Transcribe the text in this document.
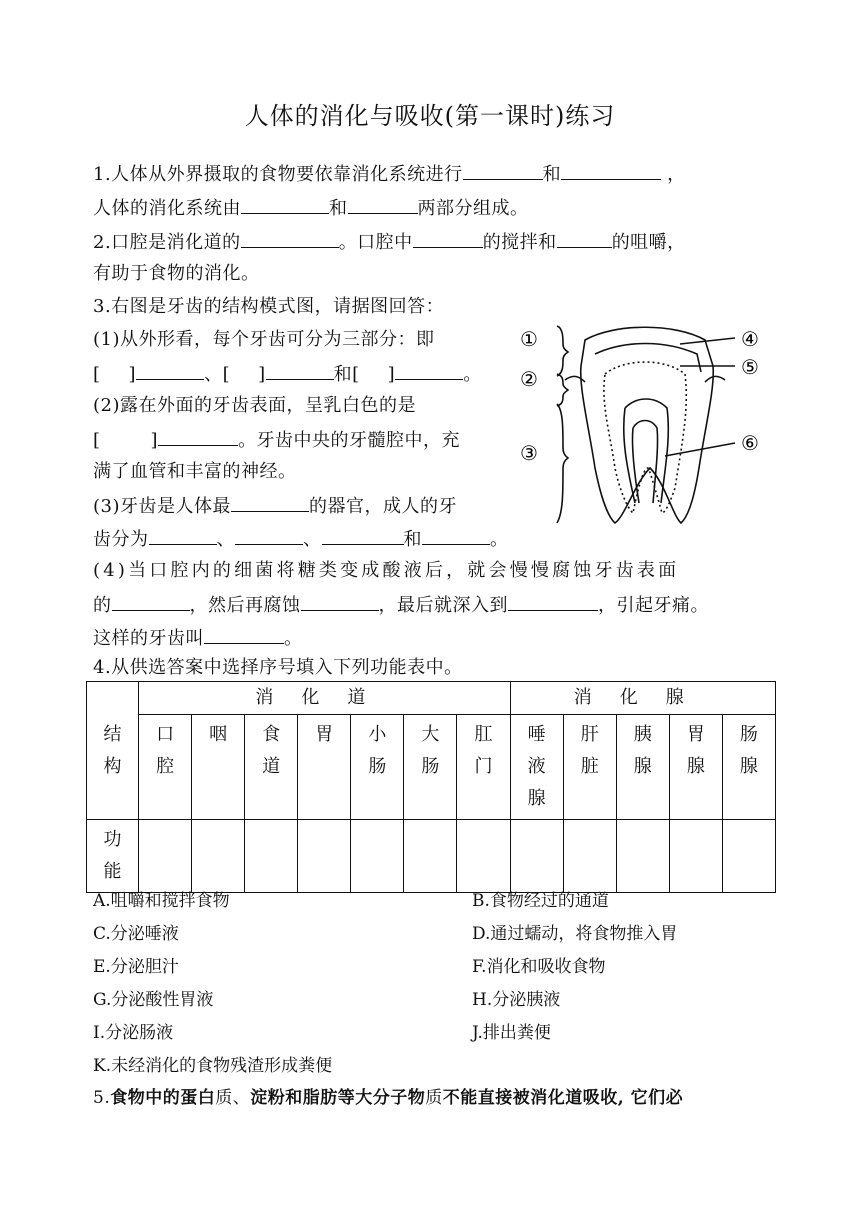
人体的消化与吸收(第一课时)练习
1.人体从外界摄取的食物要依靠消化系统进行	和	，
人体的消化系统由	和	两部分组成。
2.口腔是消化道的	。口腔中	的搅拌和	的咀嚼，
有助于食物的消化。
3.右图是牙齿的结构模式图，请据图回答：
(1)从外形看，每个牙齿可分为三部分：即
[ ]	、[ ]	和[ ]	。
(2)露在外面的牙齿表面，呈乳白色的是
[	]	。牙齿中央的牙髓腔中，充
满了血管和丰富的神经。
(3)牙齿是人体最	的器官，成人的牙
齿分为	、	、	和	。
(4)当口腔内的细菌将糖类变成酸液后，就会慢慢腐蚀牙齿表面
的	，然后再腐蚀	，最后就深入到	，引起牙痛。
这样的牙齿叫	。
①
②
③
④
⑤
⑥
4.从供选答案中选择序号填入下列功能表中。
结构	消化道							消化腺				
	口腔	咽	食道	胃	小肠	大肠	肛门	唾液腺	肝脏	胰腺	胃腺	肠腺
功能												
A.咀嚼和搅拌食物	B.食物经过的通道
C.分泌唾液	D.通过蠕动，将食物推入胃
E.分泌胆汁	F.消化和吸收食物
G.分泌酸性胃液	H.分泌胰液
I.分泌肠液	J.排出粪便
K.未经消化的食物残渣形成粪便
5.食物中的蛋白质、淀粉和脂肪等大分子物质不能直接被消化道吸收, 它们必
